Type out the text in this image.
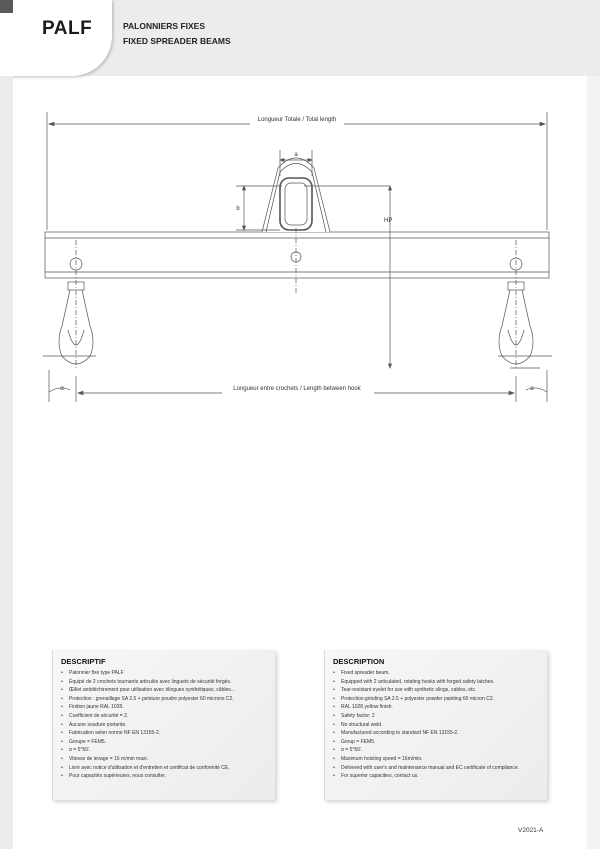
PALF	PALONNIERS FIXES
FIXED SPREADER BEAMS
Longueur Totale / Total length
Longueur entre crochets / Length between hook
a
b
HP
α	α
DESCRIPTIF
• Palonnier fixe type PALF
• Équipé de 2 crochets tournants articulés avec linguets de sécurité forgés.
• Œillet antidéchirement pour utilisation avec élingues synthétiques, câbles...
• Protection : grenaillage SA 2.5 + peinture poudre polyester 60 microns C2.
• Finition jaune RAL 1028.
• Coefficient de sécurité = 2.
• Aucune soudure portante.
• Fabrication selon norme NF EN 13155-2.
• Groupe = FEM5.
• α = 5°50'.
• Vitesse de levage = 16 m/min maxi.
• Livré avec notice d'utilisation et d'entretien et certificat de conformité CE.
• Pour capacités supérieures, nous consulter.
DESCRIPTION
• Fixed spreader beam.
• Equipped with 2 articulated, rotating hooks with forged safety latches.
• Tear-resistant eyelet for use with synthetic slings, cables, etc.
• Protection:grinding SA 2.5 + polyester powder painting 60 micron C2.
• RAL 1028 yellow finish.
• Safety factor: 2
• No structural weld.
• Manufactured according to standard NF EN 13155-2.
• Group = FEM5.
• α = 5°50'.
• Maximum hoisting speed = 16m/min.
• Delivered with user's and maintenance manual and EC certificate of compliance.
• For superior capacities, contact us.
V2021-A
